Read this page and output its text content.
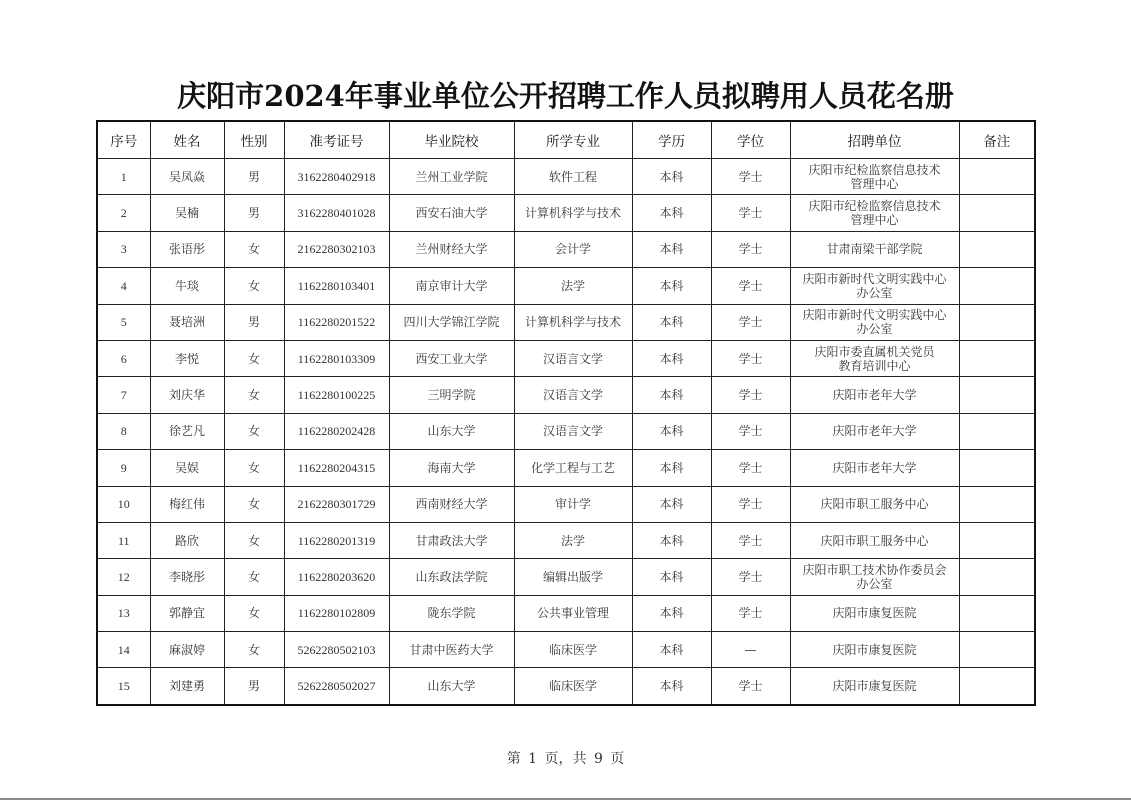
庆阳市2024年事业单位公开招聘工作人员拟聘用人员花名册
序号	姓名	性别	准考证号	毕业院校	所学专业	学历	学位	招聘单位	备注
1	吴凤焱	男	3162280402918	兰州工业学院	软件工程	本科	学士	庆阳市纪检监察信息技术
管理中心	

2	吴楠	男	3162280401028	西安石油大学	计算机科学与技术	本科	学士	庆阳市纪检监察信息技术
管理中心	

3	张语彤	女	2162280302103	兰州财经大学	会计学	本科	学士	甘肃南梁干部学院	

4	牛琰	女	1162280103401	南京审计大学	法学	本科	学士	庆阳市新时代文明实践中心
办公室	

5	聂培洲	男	1162280201522	四川大学锦江学院	计算机科学与技术	本科	学士	庆阳市新时代文明实践中心
办公室	

6	李悦	女	1162280103309	西安工业大学	汉语言文学	本科	学士	庆阳市委直属机关党员
教育培训中心	

7	刘庆华	女	1162280100225	三明学院	汉语言文学	本科	学士	庆阳市老年大学	

8	徐艺凡	女	1162280202428	山东大学	汉语言文学	本科	学士	庆阳市老年大学	

9	吴娱	女	1162280204315	海南大学	化学工程与工艺	本科	学士	庆阳市老年大学	

10	梅红伟	女	2162280301729	西南财经大学	审计学	本科	学士	庆阳市职工服务中心	

11	路欣	女	1162280201319	甘肃政法大学	法学	本科	学士	庆阳市职工服务中心	

12	李晓彤	女	1162280203620	山东政法学院	编辑出版学	本科	学士	庆阳市职工技术协作委员会
办公室	

13	郭静宜	女	1162280102809	陇东学院	公共事业管理	本科	学士	庆阳市康复医院	

14	麻淑婷	女	5262280502103	甘肃中医药大学	临床医学	本科	—	庆阳市康复医院	

15	刘建勇	男	5262280502027	山东大学	临床医学	本科	学士	庆阳市康复医院	

第 1 页，共 9 页
